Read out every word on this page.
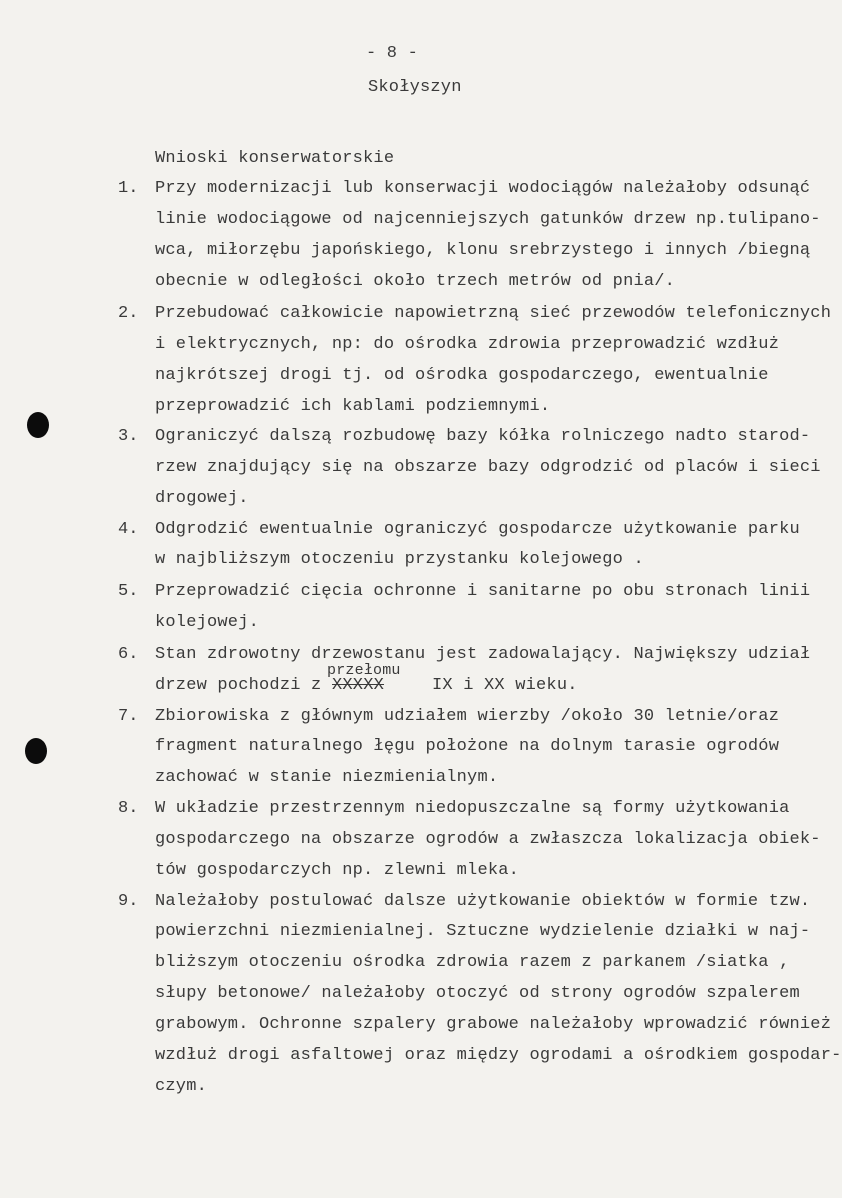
- 8 -
Skołyszyn
Wnioski konserwatorskie
1. Przy modernizacji lub konserwacji wodociągów należałoby odsunąć
linie wodociągowe od najcenniejszych gatunków drzew np.tulipano-
wca, miłorzębu japońskiego, klonu srebrzystego i innych /biegną
obecnie w odległości około trzech metrów od pnia/.
2. Przebudować całkowicie napowietrzną sieć przewodów telefonicznych
i elektrycznych, np: do ośrodka zdrowia przeprowadzić wzdłuż
najkrótszej drogi tj. od ośrodka gospodarczego, ewentualnie
przeprowadzić ich kablami podziemnymi.
3. Ograniczyć dalszą rozbudowę bazy kółka rolniczego nadto starod-
rzew znajdujący się na obszarze bazy odgrodzić od placów i sieci
drogowej.
4. Odgrodzić ewentualnie ograniczyć gospodarcze użytkowanie parku
w najbliższym otoczeniu przystanku kolejowego .
5. Przeprowadzić cięcia ochronne i sanitarne po obu stronach linii
kolejowej.
6. Stan zdrowotny drzewostanu jest zadowalający. Największy udział
przełomu
drzew pochodzi z XXXXX	IX i XX wieku.
7. Zbiorowiska z głównym udziałem wierzby /około 30 letnie/oraz
fragment naturalnego łęgu położone na dolnym tarasie ogrodów
zachować w stanie niezmienialnym.
8. W układzie przestrzennym niedopuszczalne są formy użytkowania
gospodarczego na obszarze ogrodów a zwłaszcza lokalizacja obiek-
tów gospodarczych np. zlewni mleka.
9. Należałoby postulować dalsze użytkowanie obiektów w formie tzw.
powierzchni niezmienialnej. Sztuczne wydzielenie działki w naj-
bliższym otoczeniu ośrodka zdrowia razem z parkanem /siatka ,
słupy betonowe/ należałoby otoczyć od strony ogrodów szpalerem
grabowym. Ochronne szpalery grabowe należałoby wprowadzić również
wzdłuż drogi asfaltowej oraz między ogrodami a ośrodkiem gospodar-
czym.
